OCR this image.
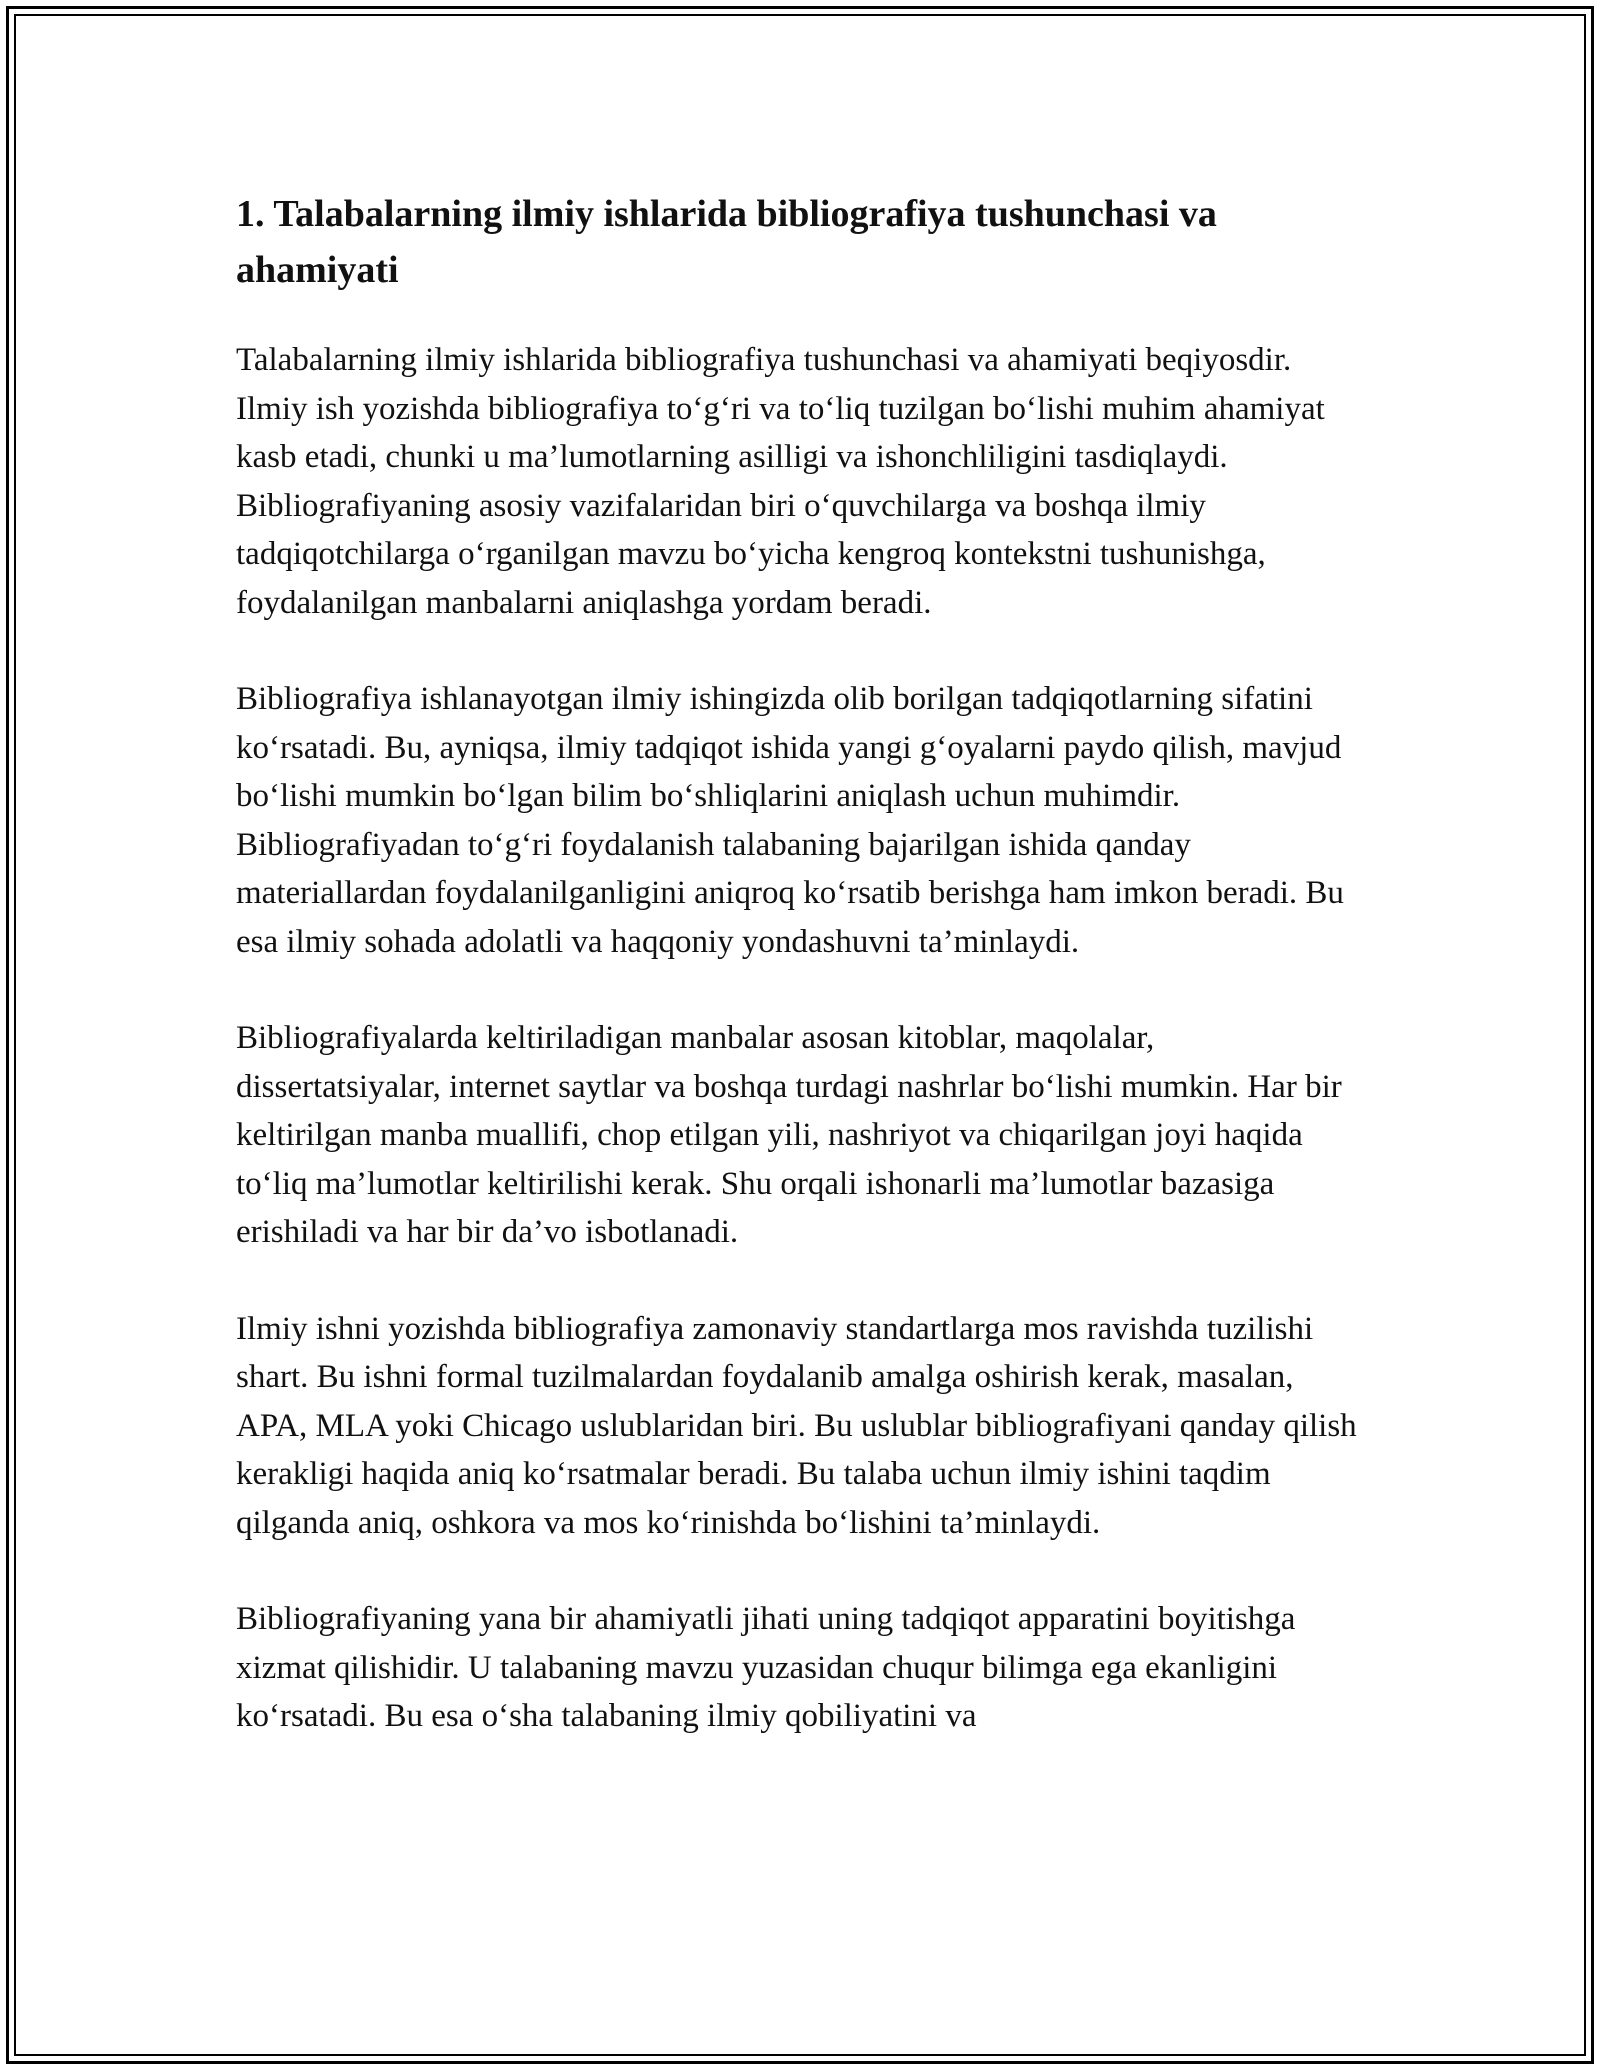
1. Talabalarning ilmiy ishlarida bibliografiya tushunchasi va ahamiyati

Talabalarning ilmiy ishlarida bibliografiya tushunchasi va ahamiyati beqiyosdir. Ilmiy ish yozishda bibliografiya to‘g‘ri va to‘liq tuzilgan bo‘lishi muhim ahamiyat kasb etadi, chunki u ma’lumotlarning asilligi va ishonchliligini tasdiqlaydi. Bibliografiyaning asosiy vazifalaridan biri o‘quvchilarga va boshqa ilmiy tadqiqotchilarga o‘rganilgan mavzu bo‘yicha kengroq kontekstni tushunishga, foydalanilgan manbalarni aniqlashga yordam beradi.

Bibliografiya ishlanayotgan ilmiy ishingizda olib borilgan tadqiqotlarning sifatini ko‘rsatadi. Bu, ayniqsa, ilmiy tadqiqot ishida yangi g‘oyalarni paydo qilish, mavjud bo‘lishi mumkin bo‘lgan bilim bo‘shliqlarini aniqlash uchun muhimdir. Bibliografiyadan to‘g‘ri foydalanish talabaning bajarilgan ishida qanday materiallardan foydalanilganligini aniqroq ko‘rsatib berishga ham imkon beradi. Bu esa ilmiy sohada adolatli va haqqoniy yondashuvni ta’minlaydi.

Bibliografiyalarda keltiriladigan manbalar asosan kitoblar, maqolalar, dissertatsiyalar, internet saytlar va boshqa turdagi nashrlar bo‘lishi mumkin. Har bir keltirilgan manba muallifi, chop etilgan yili, nashriyot va chiqarilgan joyi haqida to‘liq ma’lumotlar keltirilishi kerak. Shu orqali ishonarli ma’lumotlar bazasiga erishiladi va har bir da’vo isbotlanadi.

Ilmiy ishni yozishda bibliografiya zamonaviy standartlarga mos ravishda tuzilishi shart. Bu ishni formal tuzilmalardan foydalanib amalga oshirish kerak, masalan, APA, MLA yoki Chicago uslublaridan biri. Bu uslublar bibliografiyani qanday qilish kerakligi haqida aniq ko‘rsatmalar beradi. Bu talaba uchun ilmiy ishini taqdim qilganda aniq, oshkora va mos ko‘rinishda bo‘lishini ta’minlaydi.

Bibliografiyaning yana bir ahamiyatli jihati uning tadqiqot apparatini boyitishga xizmat qilishidir. U talabaning mavzu yuzasidan chuqur bilimga ega ekanligini ko‘rsatadi. Bu esa o‘sha talabaning ilmiy qobiliyatini va
